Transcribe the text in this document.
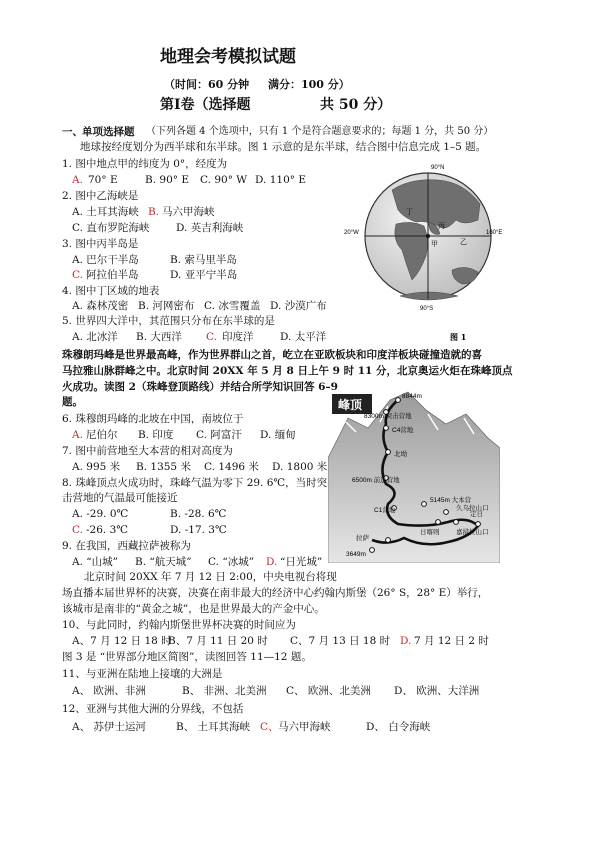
地理会考模拟试题
（时间：60 分钟 满分：100 分）
第Ⅰ卷（选择题	共 50 分）
一、 单项选择题 （下列各题 4 个选项中，只有 1 个是符合题意要求的；每题 1 分，共 50 分）
地球按经度划分为西半球和东半球。图 1 示意的是东半球，结合图中信息完成 1–5 题。
1. 图中地点甲的纬度为 0°，经度为
A. 70° E	B. 90° E C. 90° W D. 110° E
2. 图中乙海峡是
A. 土耳其海峡 B. 马六甲海峡
C. 直布罗陀海峡	D. 英吉利海峡
3. 图中丙半岛是
A. 巴尔干半岛	B. 索马里半岛
C. 阿拉伯半岛	D. 亚平宁半岛
4. 图中丁区域的地表
A. 森林茂密 B. 河网密布 C. 冰雪覆盖 D. 沙漠广布
5. 世界四大洋中，其范围只分布在东半球的是
A. 北冰洋 B. 大西洋 C. 印度洋	D. 太平洋
珠穆朗玛峰是世界最高峰，作为世界群山之首，屹立在亚欧板块和印度洋板块碰撞造就的喜
马拉雅山脉群峰之中。北京时间 20XX 年 5 月 8 日上午 9 时 11 分，北京奥运火炬在珠峰顶点
火成功。读图 2（珠峰登顶路线）并结合所学知识回答 6–9
题。
6. 珠穆朗玛峰的北坡在中国，南坡位于
A. 尼伯尔 B. 印度 C. 阿富汗 D. 缅甸
7. 图中前营地至大本营的相对高度为
A. 995 米 B. 1355 米 C. 1496 米 D. 1800 米
8. 珠峰顶点火成功时，珠峰气温为零下 29. 6℃，当时突
击营地的气温最可能接近
A. -29. 0℃	B. -28. 6℃
C. -26. 3℃	D. -17. 3℃
9. 在我国，西藏拉萨被称为
A. “山城” B. “航天城” C. “冰城” D. “日光城”
北京时间 20XX 年 7 月 12 日 2:00，中央电视台将现
场直播本届世界杯的决赛，决赛在南非最大的经济中心约翰内斯堡（26° S，28° E）举行，
该城市是南非的“黄金之城”，也是世界最大的产金中心。
10、与此同时，约翰内斯堡世界杯决赛的时间应为
A、7 月 12 日 18 时
B、7 月 11 日 20 时 C、7 月 13 日 18 时 D. 7 月 12 日 2 时
图 3 是 “世界部分地区简图”，读图回答 11—12 题。
11、与亚洲在陆地上接壤的大洲是
A、 欧洲、非洲	B、 非洲、北美洲 C、 欧洲、北美洲 D、 欧洲、大洋洲
12、亚洲与其他大洲的分界线，不包括
A、 苏伊士运河	B、 土耳其海峡 C、 马六甲海峡	D、 白令海峡
90°N
90°S
20°W	160°E
甲	乙
丙
丁
图 1
峰顶
8844m
8300m 突击营地
C4营地
北坳
6500m 前进营地
C1营地
5145m 大本营
日喀则
拉萨
嘉措拉山口
久乌拉山口
定日
3649m
